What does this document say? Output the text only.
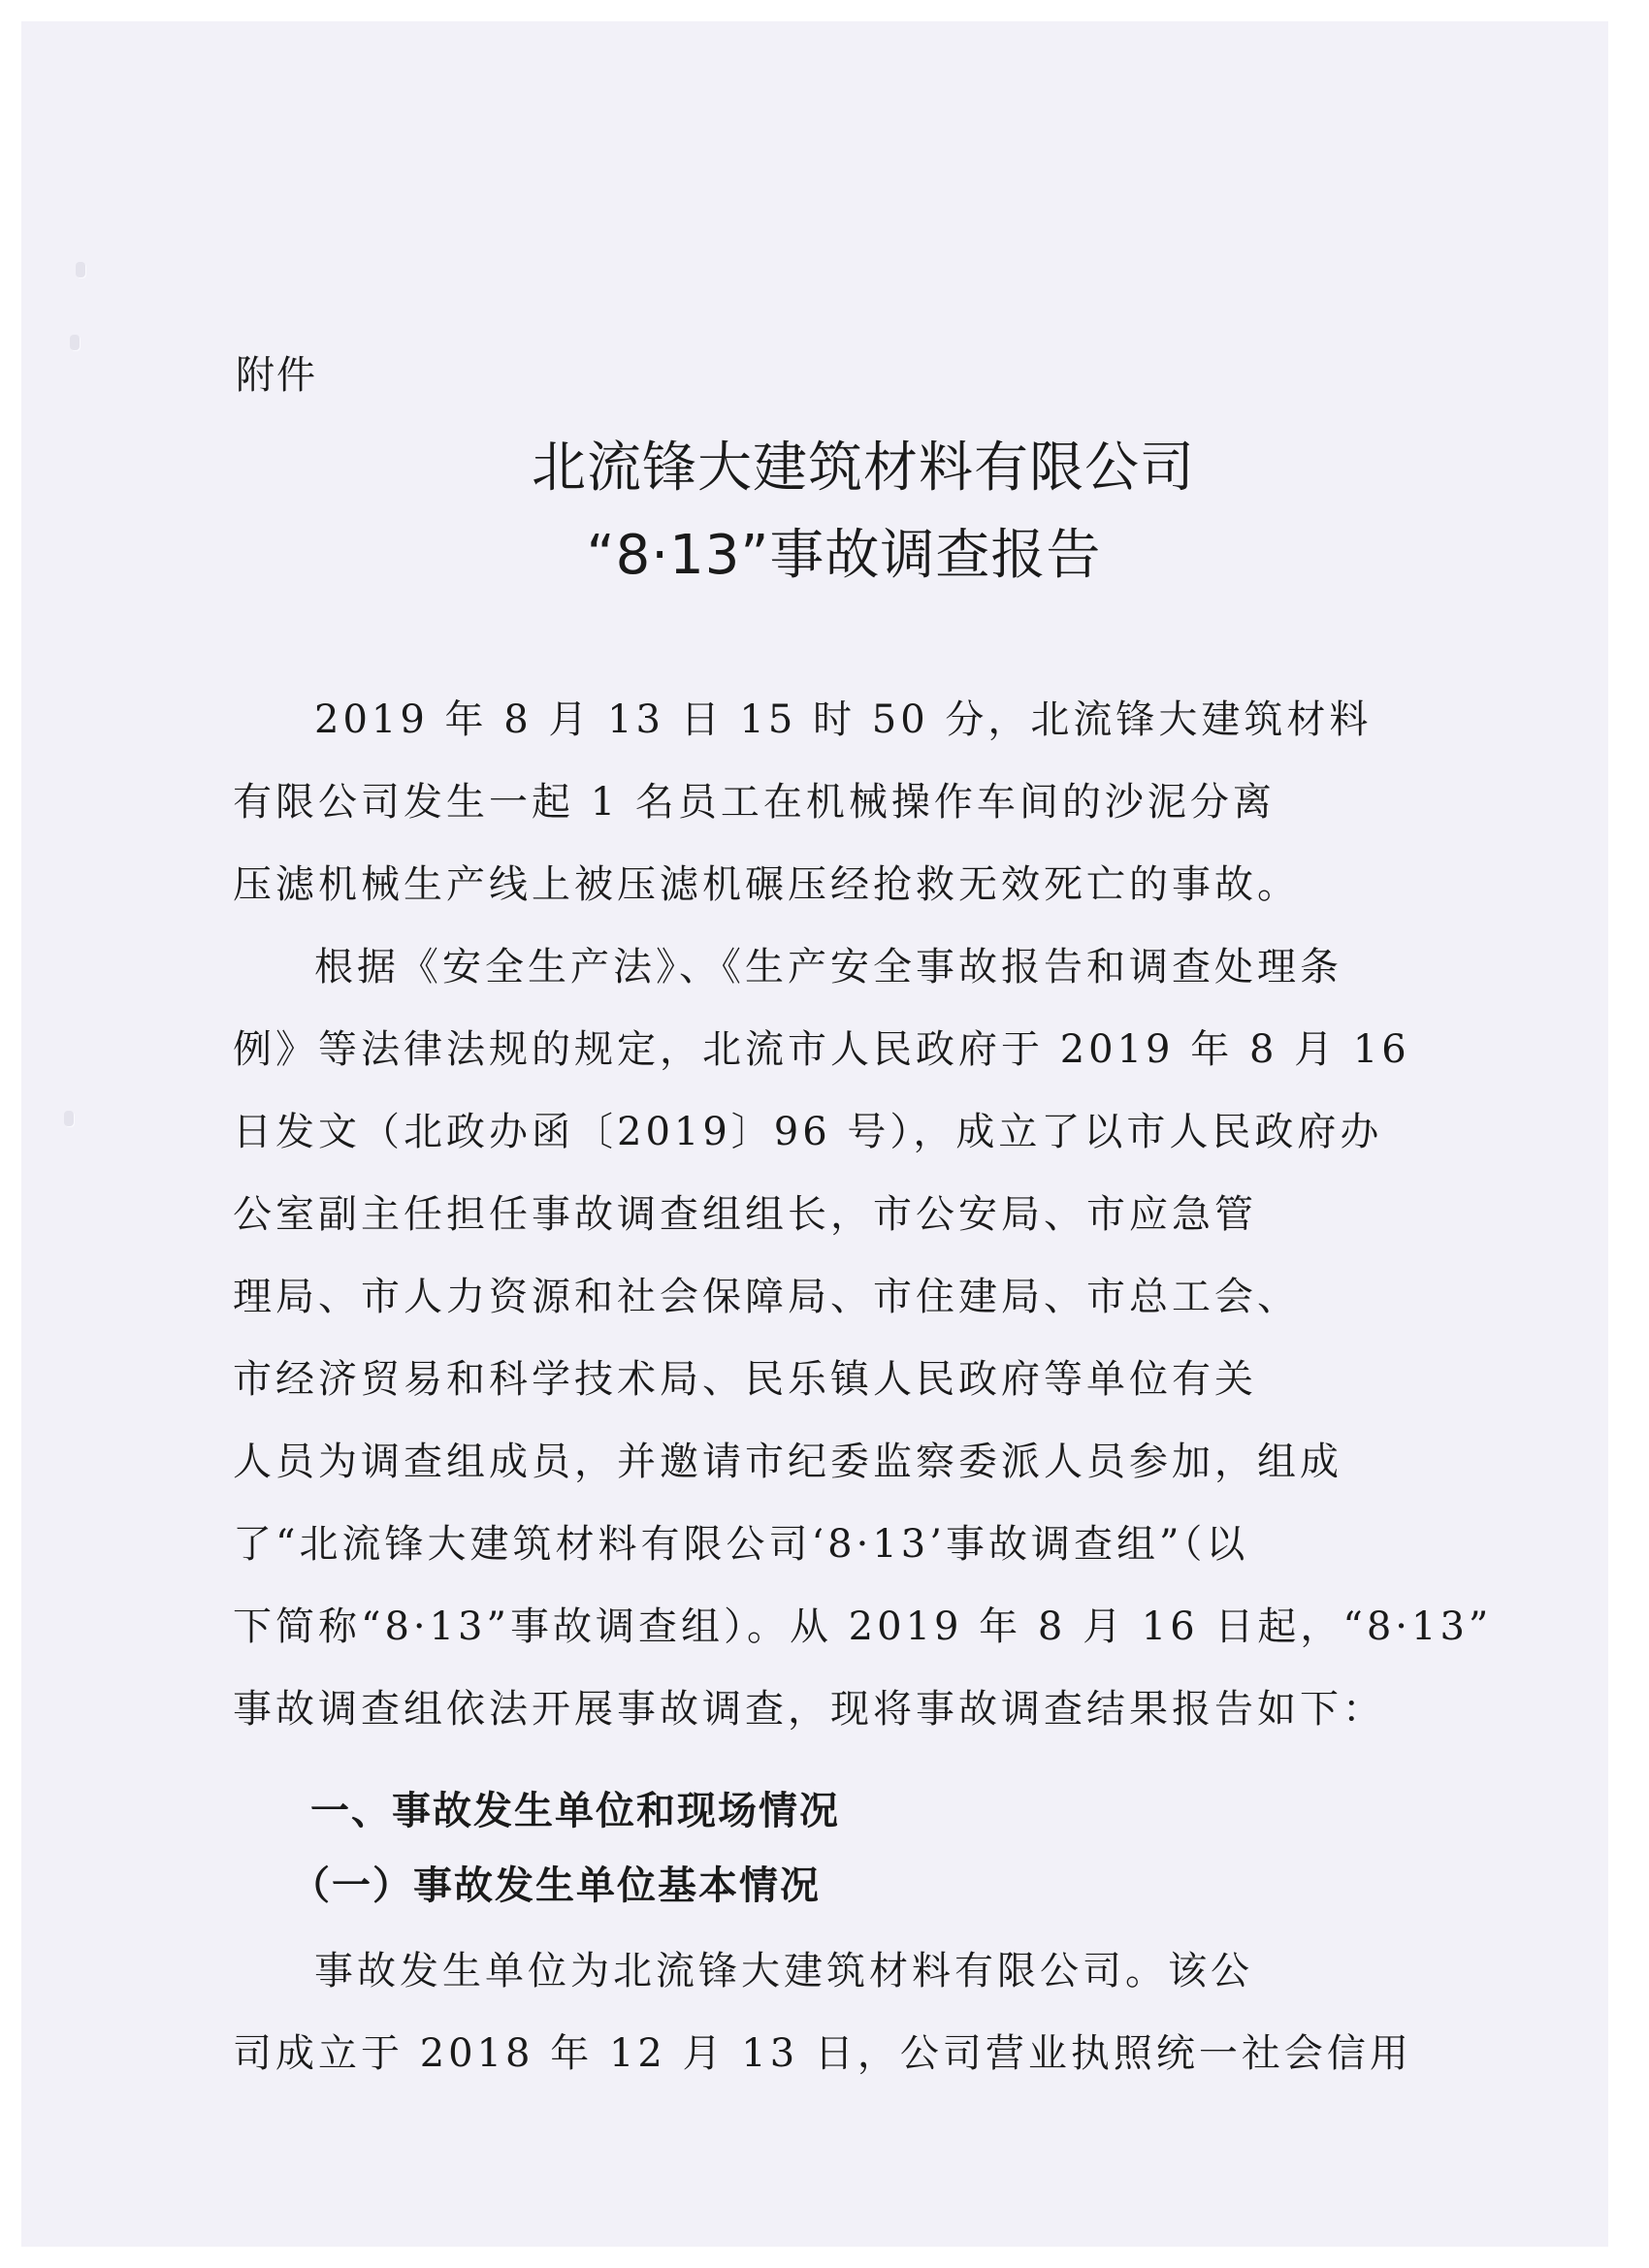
附件
北流锋大建筑材料有限公司
“8·13”事故调查报告

2019 年 8 月 13 日 15 时 50 分，北流锋大建筑材料
有限公司发生一起 1 名员工在机械操作车间的沙泥分离
压滤机械生产线上被压滤机碾压经抢救无效死亡的事故。

根据《安全生产法》、《生产安全事故报告和调查处理条
例》等法律法规的规定，北流市人民政府于 2019 年 8 月 16
日发文（北政办函〔2019〕96 号），成立了以市人民政府办
公室副主任担任事故调查组组长，市公安局、市应急管
理局、市人力资源和社会保障局、市住建局、市总工会、
市经济贸易和科学技术局、民乐镇人民政府等单位有关
人员为调查组成员，并邀请市纪委监察委派人员参加，组成
了“北流锋大建筑材料有限公司‘8·13’事故调查组”（以
下简称“8·13”事故调查组）。从 2019 年 8 月 16 日起，“8·13”
事故调查组依法开展事故调查，现将事故调查结果报告如下：

一、事故发生单位和现场情况
（一）事故发生单位基本情况

事故发生单位为北流锋大建筑材料有限公司。该公
司成立于 2018 年 12 月 13 日，公司营业执照统一社会信用
